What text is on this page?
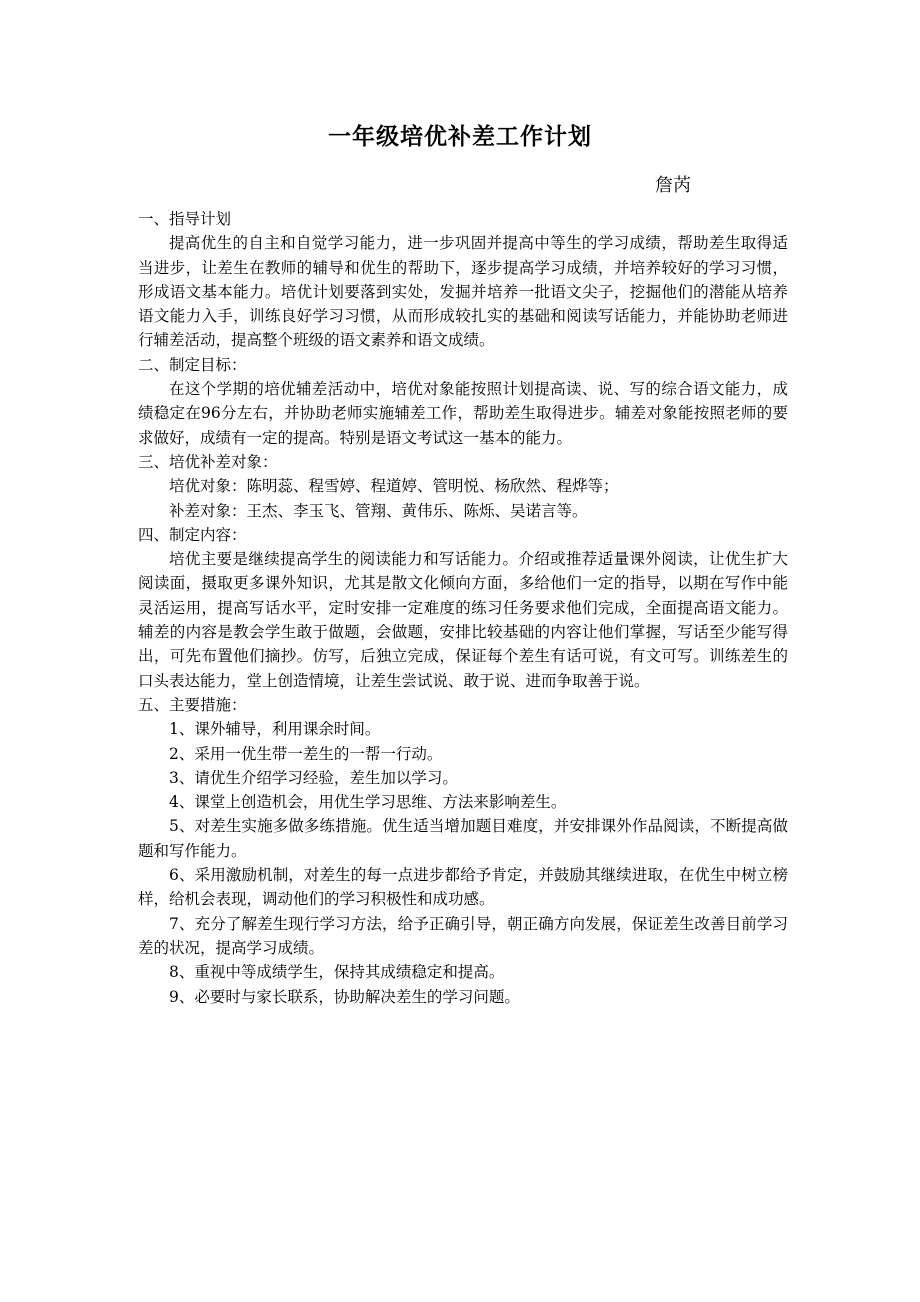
一年级培优补差工作计划
詹芮

一、指导计划

提高优生的自主和自觉学习能力，进一步巩固并提高中等生的学习成绩，帮助差生取得适当进步，让差生在教师的辅导和优生的帮助下，逐步提高学习成绩，并培养较好的学习习惯，形成语文基本能力。培优计划要落到实处，发掘并培养一批语文尖子，挖掘他们的潜能从培养语文能力入手，训练良好学习习惯，从而形成较扎实的基础和阅读写话能力，并能协助老师进行辅差活动，提高整个班级的语文素养和语文成绩。

二、制定目标：

在这个学期的培优辅差活动中，培优对象能按照计划提高读、说、写的综合语文能力，成绩稳定在96分左右，并协助老师实施辅差工作，帮助差生取得进步。辅差对象能按照老师的要求做好，成绩有一定的提高。特别是语文考试这一基本的能力。

三、培优补差对象：

培优对象：陈明蕊、程雪婷、程道婷、管明悦、杨欣然、程烨等；

补差对象：王杰、李玉飞、管翔、黄伟乐、陈烁、吴诺言等。

四、制定内容：

培优主要是继续提高学生的阅读能力和写话能力。介绍或推荐适量课外阅读，让优生扩大阅读面，摄取更多课外知识，尤其是散文化倾向方面，多给他们一定的指导，以期在写作中能灵活运用，提高写话水平，定时安排一定难度的练习任务要求他们完成，全面提高语文能力。辅差的内容是教会学生敢于做题，会做题，安排比较基础的内容让他们掌握，写话至少能写得出，可先布置他们摘抄。仿写，后独立完成，保证每个差生有话可说，有文可写。训练差生的口头表达能力，堂上创造情境，让差生尝试说、敢于说、进而争取善于说。

五、主要措施：

1、课外辅导，利用课余时间。
2、采用一优生带一差生的一帮一行动。
3、请优生介绍学习经验，差生加以学习。
4、课堂上创造机会，用优生学习思维、方法来影响差生。
5、对差生实施多做多练措施。优生适当增加题目难度，并安排课外作品阅读，不断提高做题和写作能力。
6、采用激励机制，对差生的每一点进步都给予肯定，并鼓励其继续进取，在优生中树立榜样，给机会表现，调动他们的学习积极性和成功感。
7、充分了解差生现行学习方法，给予正确引导，朝正确方向发展，保证差生改善目前学习差的状况，提高学习成绩。
8、重视中等成绩学生，保持其成绩稳定和提高。
9、必要时与家长联系，协助解决差生的学习问题。
